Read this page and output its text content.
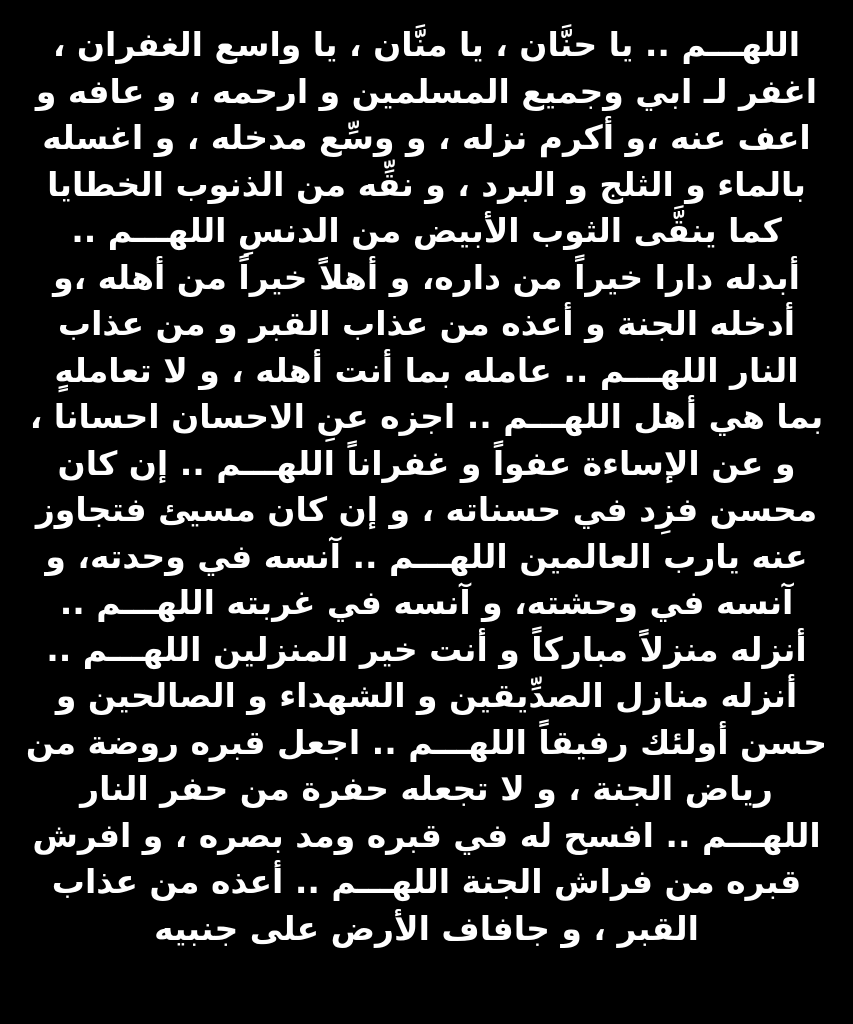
اللهـــم .. يا حنَّان ، يا منَّان ، يا واسع الغفران ،
اغفر لـ ابي وجميع المسلمين و ارحمه ، و عافه و
اعف عنه ،و أكرم نزله ، و وسِّع مدخله ، و اغسله
بالماء و الثلج و البرد ، و نقِّه من الذنوب الخطايا
كما ينقَّى الثوب الأبيض من الدنسِ اللهـــم ..
أبدله دارا خيراً من داره، و أهلاً خيراً من أهله ،و
أدخله الجنة و أعذه من عذاب القبر و من عذاب
النار اللهـــم .. عامله بما أنت أهله ، و لا تعاملهٍ
بما هي أهل اللهـــم .. اجزه عنِ الاحسان احسانا ،
و عن الإساءة عفواً و غفراناً اللهـــم .. إن كان
محسن فزِد في حسناته ، و إن كان مسيئ فتجاوز
عنه يارب العالمين اللهـــم .. آنسه في وحدته، و
آنسه في وحشته، و آنسه في غربته اللهـــم ..
أنزله منزلاً مباركاً و أنت خير المنزلين اللهـــم ..
أنزله منازل الصدِّيقين و الشهداء و الصالحين و
حسن أولئك رفيقاً اللهـــم .. اجعل قبره روضة من
رياض الجنة ، و لا تجعله حفرة من حفر النار
اللهـــم .. افسح له في قبره ومد بصره ، و افرش
قبره من فراش الجنة اللهـــم .. أعذه من عذاب
القبر ، و جافاف الأرض على جنبيه
